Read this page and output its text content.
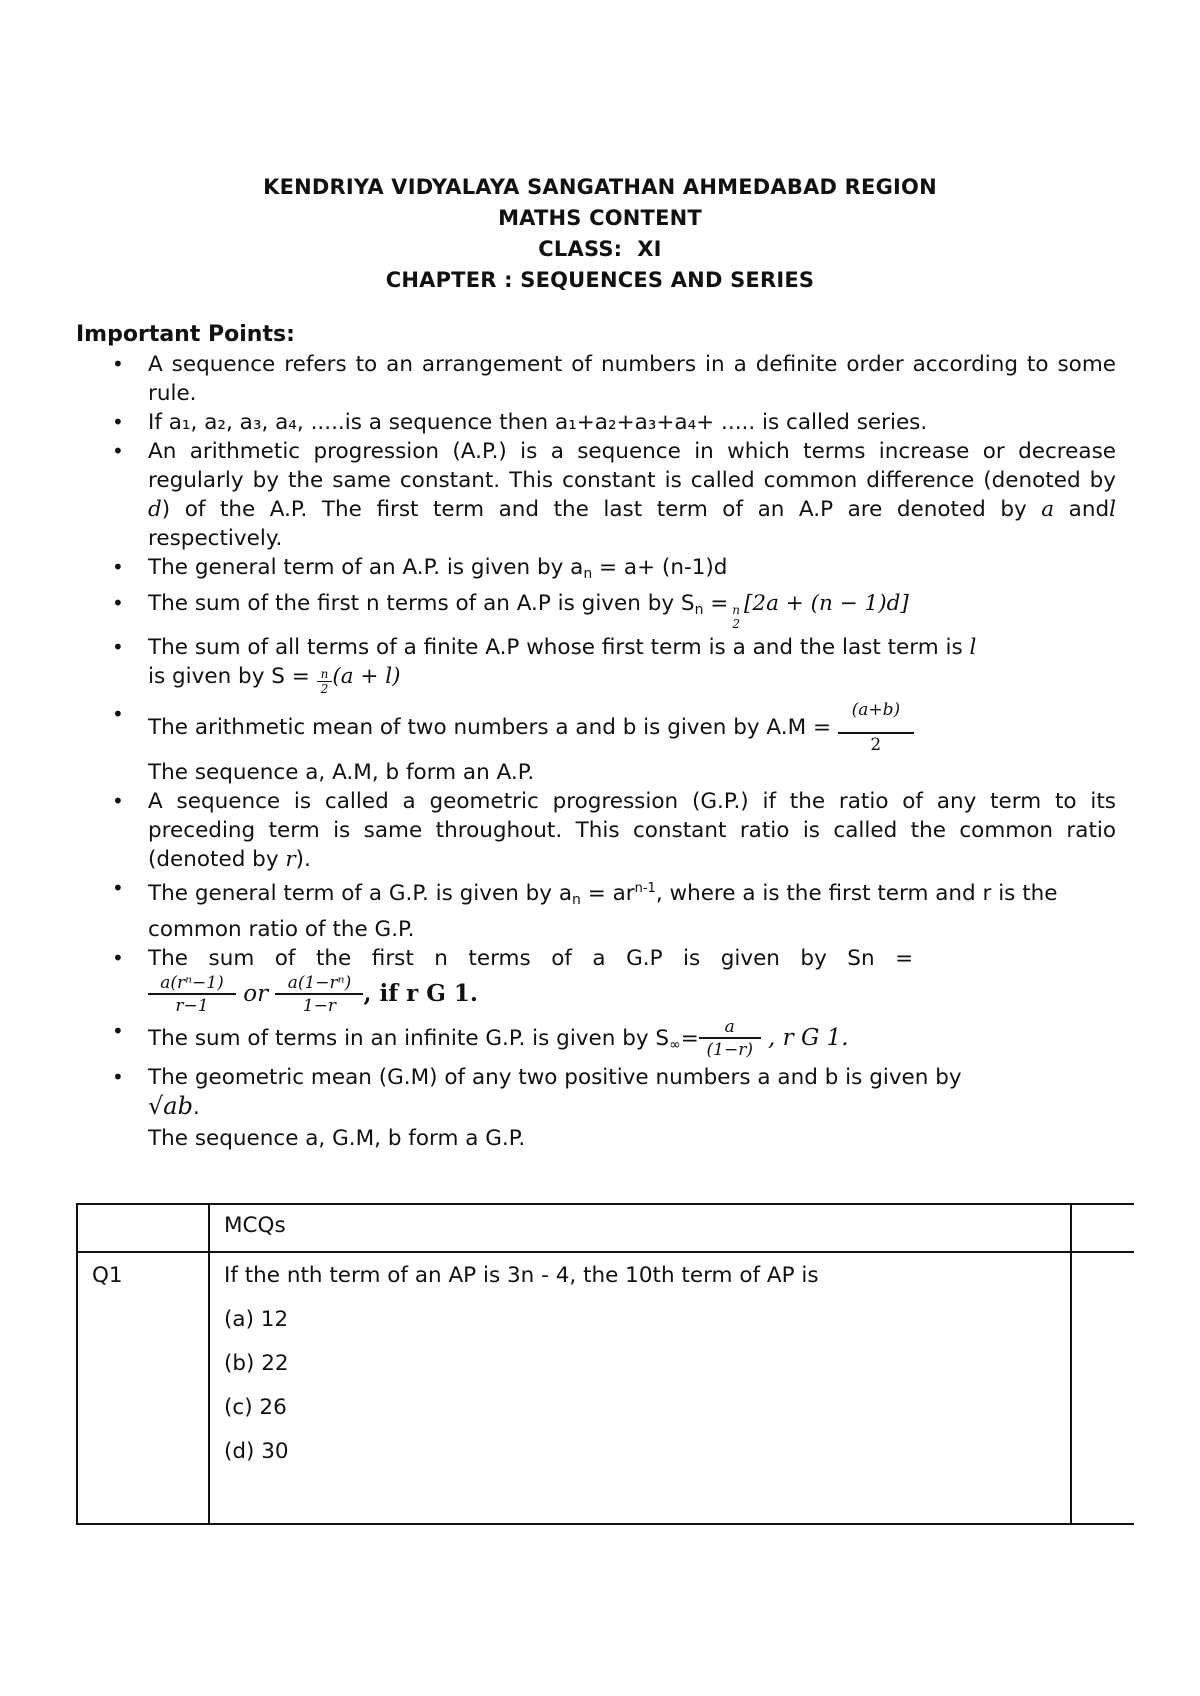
KENDRIYA VIDYALAYA SANGATHAN AHMEDABAD REGION
MATHS CONTENT
CLASS:  XI
CHAPTER : SEQUENCES AND SERIES
Important Points:

• A sequence refers to an arrangement of numbers in a definite order according to some rule.

• If a₁, a₂, a₃, a₄, .....is a sequence then a₁+a₂+a₃+a₄+ ..... is called series.

• An arithmetic progression (A.P.) is a sequence in which terms increase or decrease regularly by the same constant. This constant is called common difference (denoted by d) of the A.P. The first term and the last term of an A.P are denoted by a andl respectively.

• The general term of an A.P. is given by $a_n = a+ (n-1)d$

• The sum of the first n terms of an A.P is given by $S_n = n$
2
[2a + (n − 1)d]

• The sum of all terms of a finite A.P whose first term is a and the last term is l
is given by $S = \frac{n}{2} (a + l)$

•
The arithmetic mean of two numbers a and b is given by $A.M = \frac{(a+b)}{2}$

The sequence a, A.M, b form an A.P.

• A sequence is called a geometric progression (G.P.) if the ratio of any term to its preceding term is same throughout. This constant ratio is called the common ratio (denoted by r).

• The general term of a G.P. is given by $a_n = ar^{n-1}$, where a is the first term and r is the common ratio of the G.P.

• The   sum   of   the   first   n   terms   of   a   G.P   is   given   by   Sn   =

$\frac{\text{a(rⁿ−1)}}{r-1}$ or $\frac{\text{a(1−rⁿ)}}{1-r}$ , if r G 1.

• The sum of terms in an infinite G.P. is given by $S_\infty= \frac{a}{(1-r)}$ , r G 1.

• The geometric mean (G.M) of any two positive numbers a and b is given by
√ab.

The sequence a, G.M, b form a G.P.

	MCQs	

Q1	If the nth term of an AP is 3n - 4, the 10th term of AP is
(a) 12
(b) 22
(c) 26
(d) 30	
